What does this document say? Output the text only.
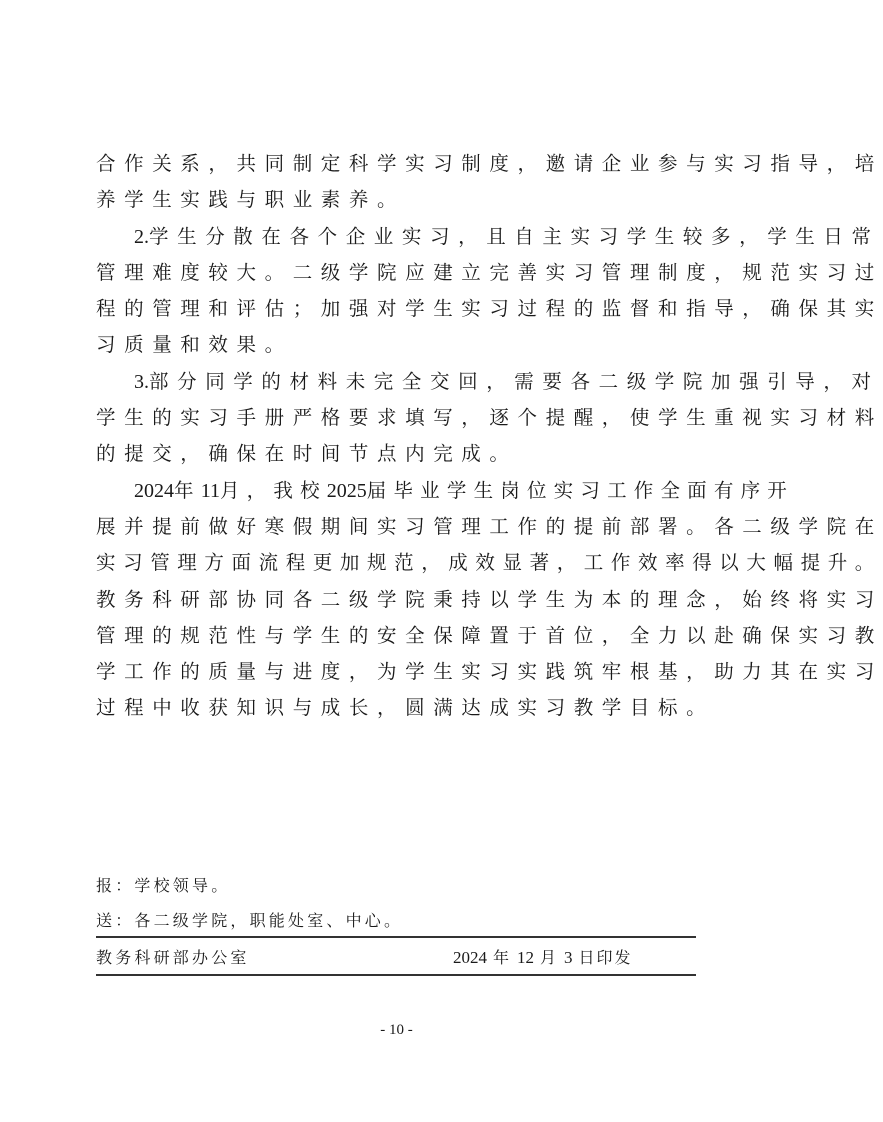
合作关系，共同制定科学实习制度，邀请企业参与实习指导，培
养学生实践与职业素养。

2.学生分散在各个企业实习，且自主实习学生较多，学生日常
管理难度较大。二级学院应建立完善实习管理制度，规范实习过
程的管理和评估；加强对学生实习过程的监督和指导，确保其实
习质量和效果。

3.部分同学的材料未完全交回，需要各二级学院加强引导，对
学生的实习手册严格要求填写，逐个提醒，使学生重视实习材料
的提交，确保在时间节点内完成。

2024年11月，我校2025届毕业学生岗位实习工作全面有序开
展并提前做好寒假期间实习管理工作的提前部署。各二级学院在
实习管理方面流程更加规范，成效显著，工作效率得以大幅提升。
教务科研部协同各二级学院秉持以学生为本的理念，始终将实习
管理的规范性与学生的安全保障置于首位，全力以赴确保实习教
学工作的质量与进度，为学生实习实践筑牢根基，助力其在实习
过程中收获知识与成长，圆满达成实习教学目标。

报：学校领导。
送：各二级学院，职能处室、中心。
教务科研部办公室	2024 年 12 月 3 日印发
- 10 -
